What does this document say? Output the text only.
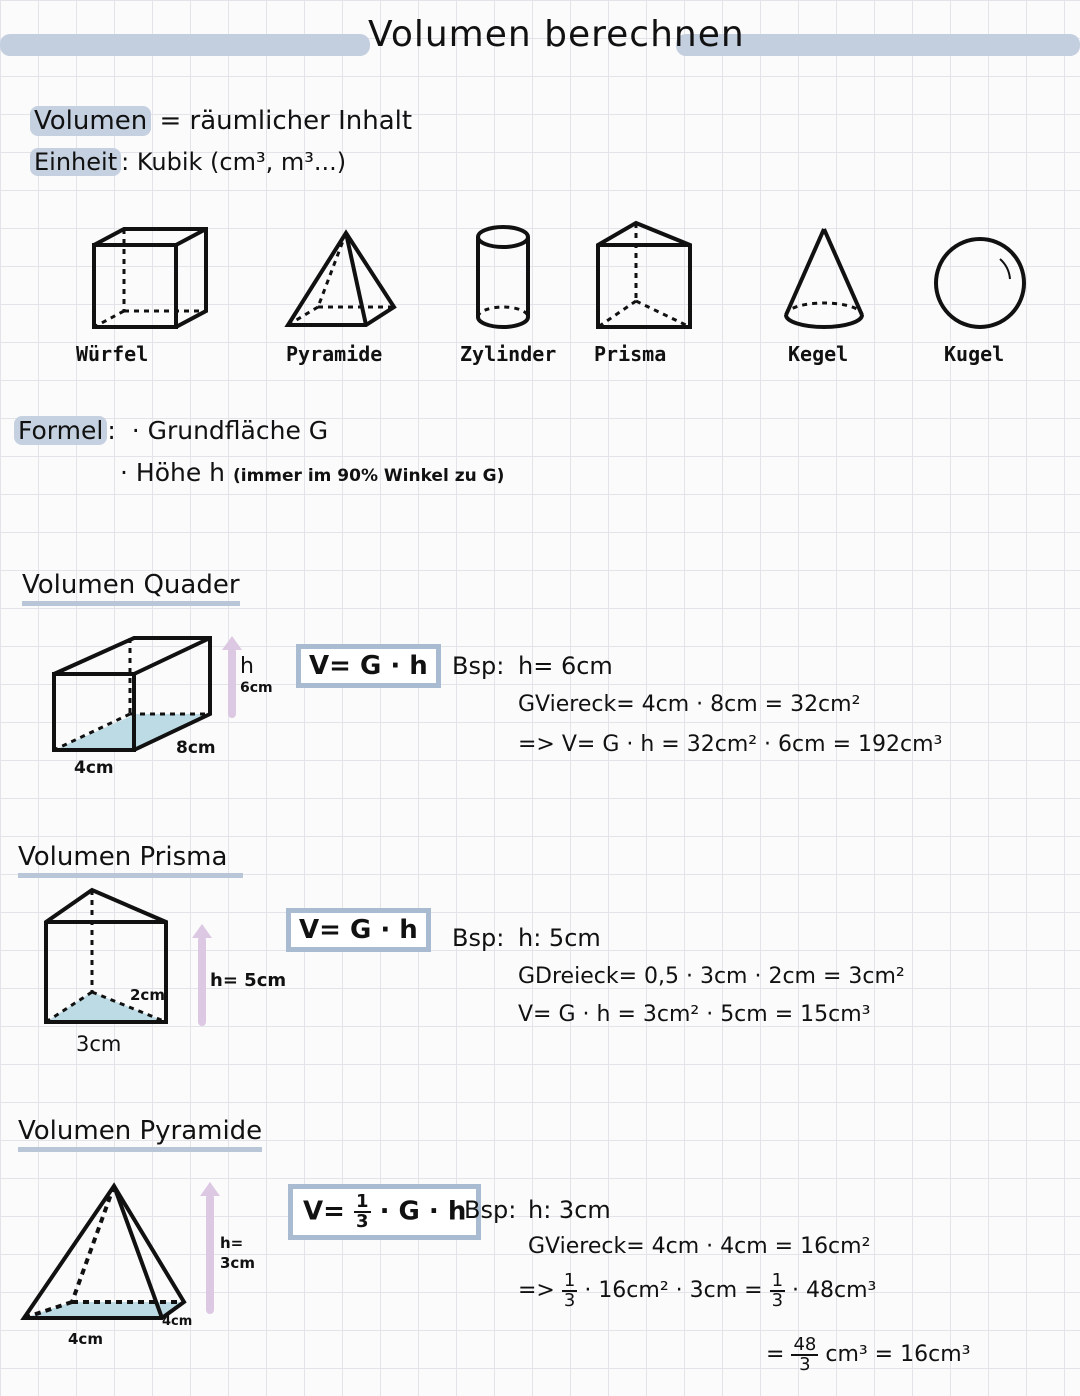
Volumen berechnen
Volumen = räumlicher Inhalt
Einheit : Kubik (cm³, m³...)
Würfel	Pyramide	Zylinder Prisma	Kegel	Kugel
Formel : · Grundfläche G
· Höhe h (immer im 90% Winkel zu G)
Volumen Quader
h
6cm
8cm
4cm
V= G · h	Bsp: h= 6cm
GViereck= 4cm · 8cm = 32cm²
=> V= G · h = 32cm² · 6cm = 192cm³
Volumen Prisma
h= 5cm
2cm
3cm
V= G · h	Bsp: h: 5cm
GDreieck= 0,5 · 3cm · 2cm = 3cm²
V= G · h = 3cm² · 5cm = 15cm³
Volumen Pyramide
h=
3cm
4cm
4cm
$V= \frac{1}{3} \cdot G \cdot h$
Bsp: h: 3cm
GViereck= 4cm · 4cm = 16cm²
=> $\frac{1}{3} \cdot 16cm^2 \cdot 3cm = \frac{1}{3} \cdot 48cm^3$
= $\frac{48}{3} cm^3 = 16cm^3$
